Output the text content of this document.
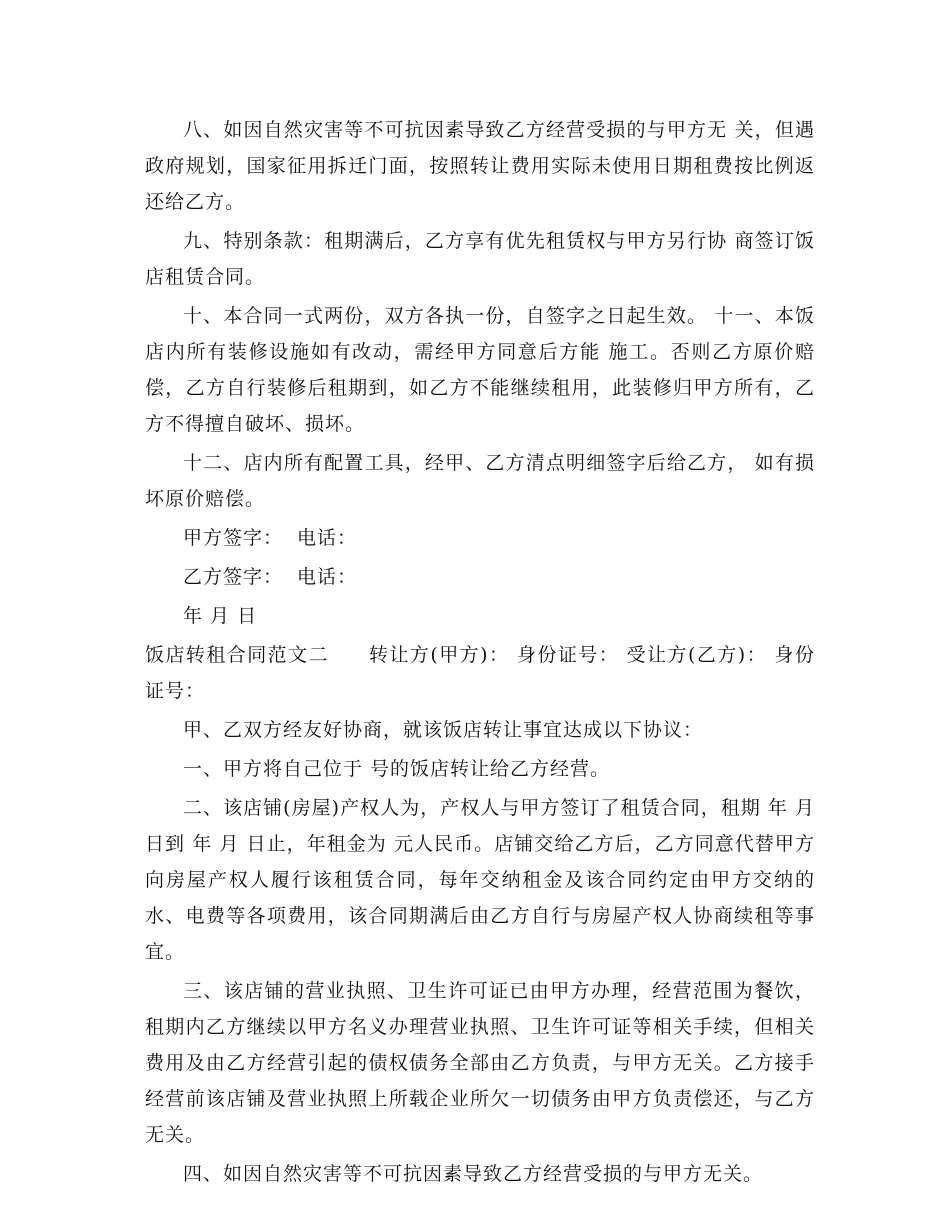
八、如因自然灾害等不可抗因素导致乙方经营受损的与甲方无 关，但遇政府规划，国家征用拆迁门面，按照转让费用实际未使用日期租费按比例返还给乙方。

九、特别条款：租期满后，乙方享有优先租赁权与甲方另行协 商签订饭店租赁合同。

十、本合同一式两份，双方各执一份，自签字之日起生效。 十一、本饭店内所有装修设施如有改动，需经甲方同意后方能 施工。否则乙方原价赔偿，乙方自行装修后租期到，如乙方不能继续租用，此装修归甲方所有，乙方不得擅自破坏、损坏。

十二、店内所有配置工具，经甲、乙方清点明细签字后给乙方， 如有损坏原价赔偿。

甲方签字： 电话：
乙方签字： 电话：
年 月 日

饭店转租合同范文二 转让方(甲方)： 身份证号： 受让方(乙方)： 身份证号：

甲、乙双方经友好协商，就该饭店转让事宜达成以下协议：

一、甲方将自己位于 号的饭店转让给乙方经营。

二、该店铺(房屋)产权人为，产权人与甲方签订了租赁合同，租期 年 月 日到 年 月 日止，年租金为 元人民币。店铺交给乙方后，乙方同意代替甲方向房屋产权人履行该租赁合同，每年交纳租金及该合同约定由甲方交纳的水、电费等各项费用，该合同期满后由乙方自行与房屋产权人协商续租等事宜。

三、该店铺的营业执照、卫生许可证已由甲方办理，经营范围为餐饮，租期内乙方继续以甲方名义办理营业执照、卫生许可证等相关手续，但相关费用及由乙方经营引起的债权债务全部由乙方负责，与甲方无关。乙方接手经营前该店铺及营业执照上所载企业所欠一切债务由甲方负责偿还，与乙方无关。

四、如因自然灾害等不可抗因素导致乙方经营受损的与甲方无关。
